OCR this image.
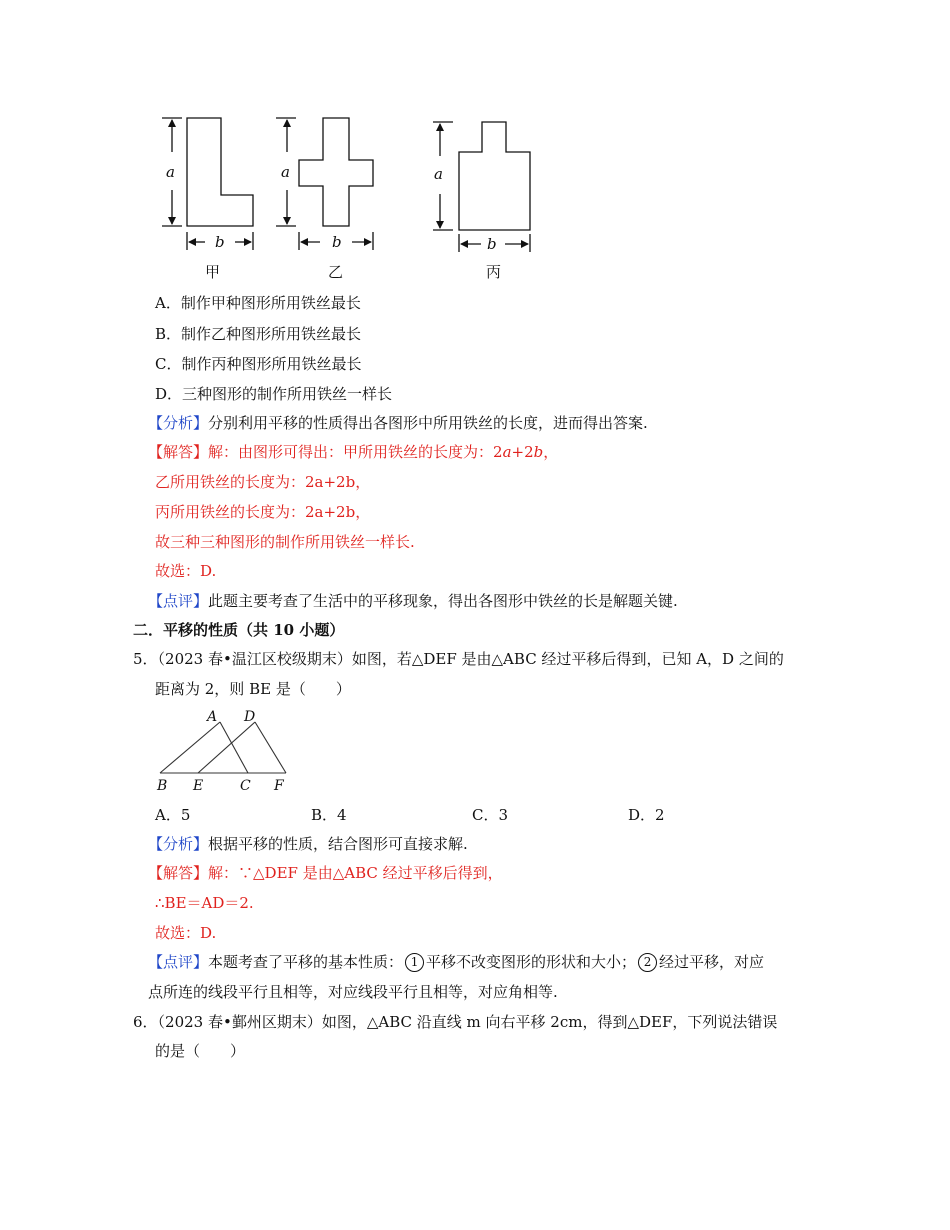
a
b
a
b
a
b
甲	乙	丙
A．制作甲种图形所用铁丝最长
B．制作乙种图形所用铁丝最长
C．制作丙种图形所用铁丝最长
D．三种图形的制作所用铁丝一样长
【分析】分别利用平移的性质得出各图形中所用铁丝的长度，进而得出答案.
【解答】解：由图形可得出：甲所用铁丝的长度为：2a+2b，
乙所用铁丝的长度为：2a+2b，
丙所用铁丝的长度为：2a+2b，
故三种三种图形的制作所用铁丝一样长.
故选：D.
【点评】此题主要考查了生活中的平移现象，得出各图形中铁丝的长是解题关键.
二．平移的性质（共 10 小题）
5．（2023 春•温江区校级期末）如图，若△DEF 是由△ABC 经过平移后得到，已知 A，D 之间的
距离为 2，则 BE 是（　　）
A D
B E	C F
A．5	B．4	C．3	D．2
【分析】根据平移的性质，结合图形可直接求解.
【解答】解：∵△DEF 是由△ABC 经过平移后得到，
∴BE＝AD＝2.
故选：D.
【点评】本题考查了平移的基本性质： 1 平移不改变图形的形状和大小； 2 经过平移，对应
点所连的线段平行且相等，对应线段平行且相等，对应角相等.
6．（2023 春•鄞州区期末）如图，△ABC 沿直线 m 向右平移 2cm，得到△DEF，下列说法错误
的是（　　）
